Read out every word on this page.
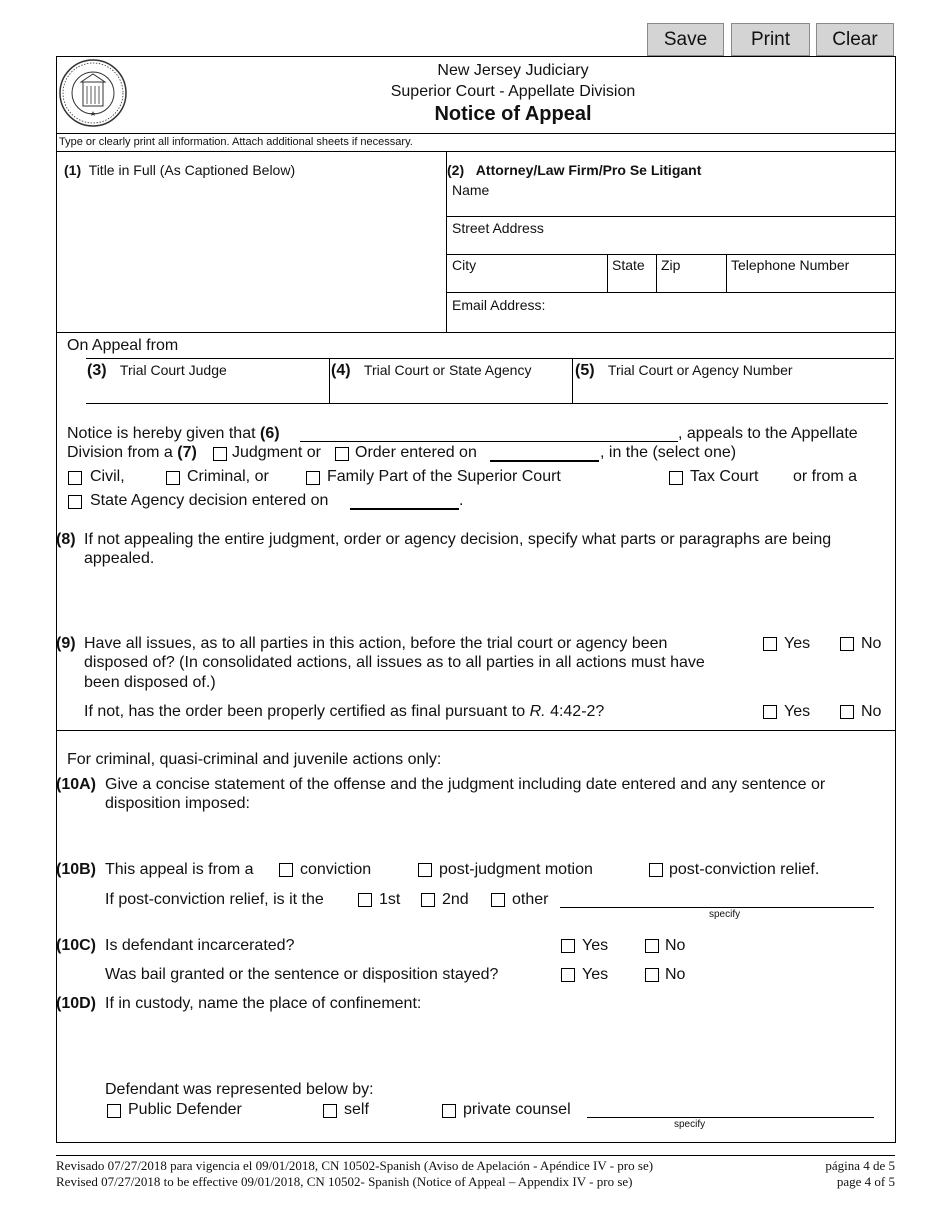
Save	Print	Clear
New Jersey Judiciary
Superior Court - Appellate Division
Notice of Appeal
Type or clearly print all information. Attach additional sheets if necessary.
(1) Title in Full (As Captioned Below)	(2) Attorney/Law Firm/Pro Se Litigant
Name
Street Address
City	State Zip	Telephone Number
Email Address:
On Appeal from
(3) Trial Court Judge	(4) Trial Court or State Agency	(5) Trial Court or Agency Number
Notice is hereby given that (6)	, appeals to the Appellate
Division from a (7) Judgment or Order entered on	, in the (select one)
Civil,	Criminal, or	Family Part of the Superior Court	Tax Court or from a
State Agency decision entered on	.
(8) If not appealing the entire judgment, order or agency decision, specify what parts or paragraphs are being
appealed.
(9) Have all issues, as to all parties in this action, before the trial court or agency been
disposed of? (In consolidated actions, all issues as to all parties in all actions must have
been disposed of.)
Yes	No
If not, has the order been properly certified as final pursuant to R. 4:42-2?	Yes	No
For criminal, quasi-criminal and juvenile actions only:
(10A) Give a concise statement of the offense and the judgment including date entered and any sentence or
disposition imposed:
(10B) This appeal is from a	conviction	post-judgment motion	post-conviction relief.
If post-conviction relief, is it the	1st	2nd	other
specify
(10C) Is defendant incarcerated?	Yes	No
Was bail granted or the sentence or disposition stayed?	Yes	No
(10D) If in custody, name the place of confinement:
Defendant was represented below by:
Public Defender	self	private counsel
specify
Revisado 07/27/2018 para vigencia el 09/01/2018, CN 10502-Spanish (Aviso de Apelación - Apéndice IV - pro se)
Revised 07/27/2018 to be effective 09/01/2018, CN 10502- Spanish (Notice of Appeal – Appendix IV - pro se)
página 4 de 5
page 4 of 5
